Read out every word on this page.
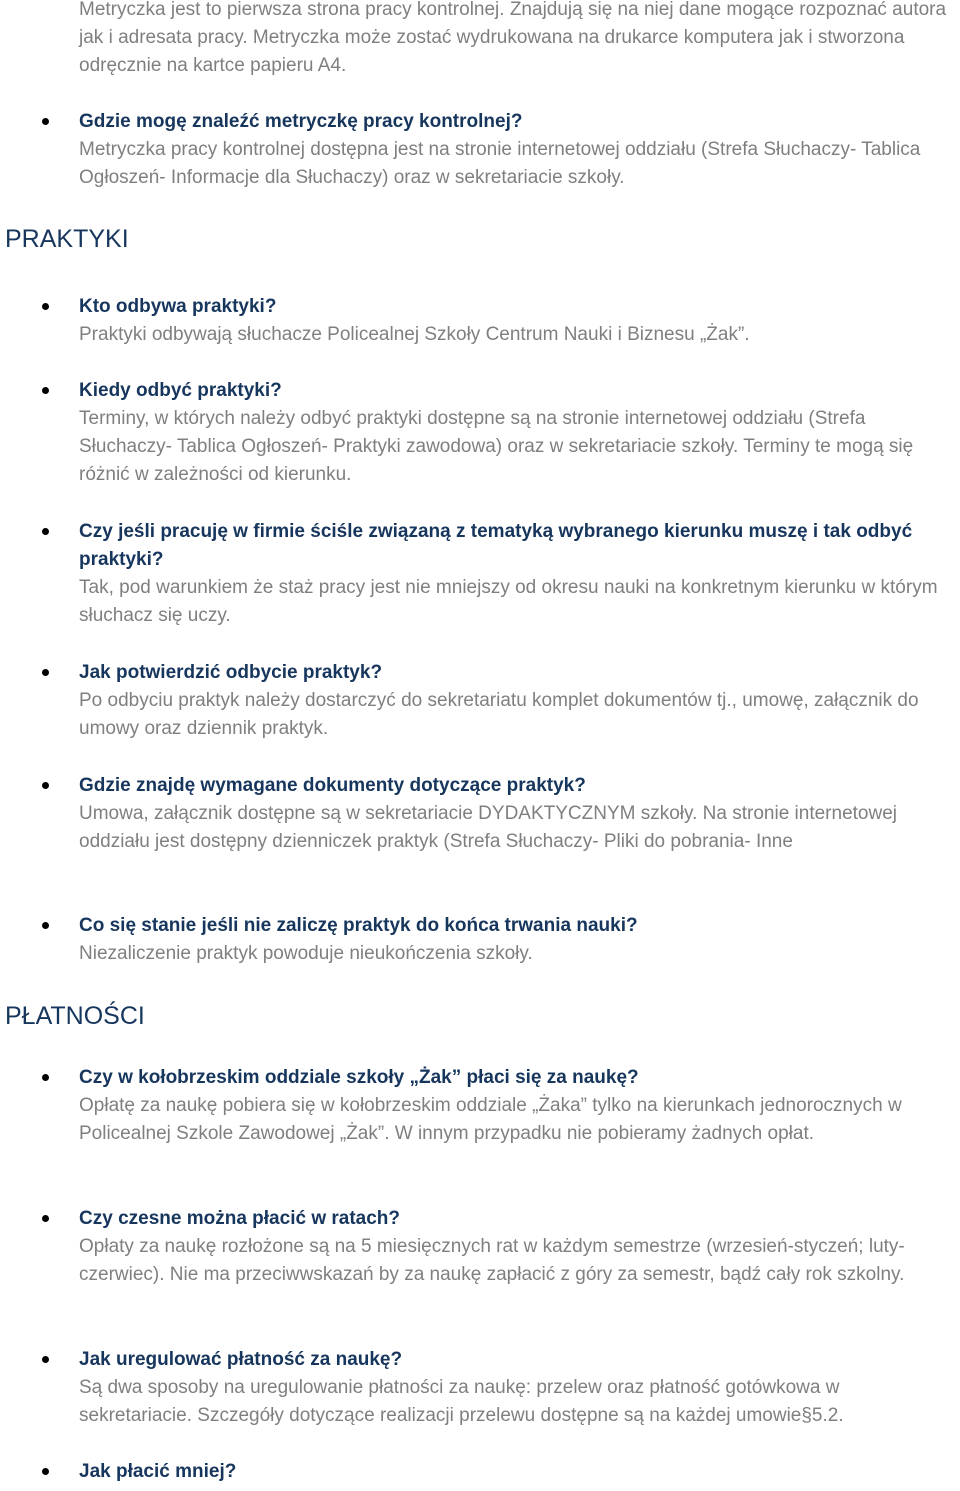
Metryczka jest to pierwsza strona pracy kontrolnej. Znajdują się na niej dane mogące rozpoznać autora jak i adresata pracy. Metryczka może zostać wydrukowana na drukarce komputera jak i stworzona odręcznie na kartce papieru A4.

Gdzie mogę znaleźć metryczkę pracy kontrolnej?

Metryczka pracy kontrolnej dostępna jest na stronie internetowej oddziału (Strefa Słuchaczy- Tablica Ogłoszeń- Informacje dla Słuchaczy) oraz w sekretariacie szkoły.

PRAKTYKI

Kto odbywa praktyki?

Praktyki odbywają słuchacze Policealnej Szkoły Centrum Nauki i Biznesu „Żak”.

Kiedy odbyć praktyki?

Terminy, w których należy odbyć praktyki dostępne są na stronie internetowej oddziału (Strefa Słuchaczy- Tablica Ogłoszeń- Praktyki zawodowa) oraz w sekretariacie szkoły. Terminy te mogą się różnić w zależności od kierunku.

Czy jeśli pracuję w firmie ściśle związaną z tematyką wybranego kierunku muszę i tak odbyć praktyki?

Tak, pod warunkiem że staż pracy jest nie mniejszy od okresu nauki na konkretnym kierunku w którym słuchacz się uczy.

Jak potwierdzić odbycie praktyk?

Po odbyciu praktyk należy dostarczyć do sekretariatu komplet dokumentów tj., umowę, załącznik do umowy oraz dziennik praktyk.

Gdzie znajdę wymagane dokumenty dotyczące praktyk?

Umowa, załącznik dostępne są w sekretariacie DYDAKTYCZNYM szkoły. Na stronie internetowej oddziału jest dostępny dzienniczek praktyk (Strefa Słuchaczy- Pliki do pobrania- Inne

Co się stanie jeśli nie zaliczę praktyk do końca trwania nauki?

Niezaliczenie praktyk powoduje nieukończenia szkoły.

PŁATNOŚCI

Czy w kołobrzeskim oddziale szkoły „Żak” płaci się za naukę?

Opłatę za naukę pobiera się w kołobrzeskim oddziale „Żaka” tylko na kierunkach jednorocznych w Policealnej Szkole Zawodowej „Żak”. W innym przypadku nie pobieramy żadnych opłat.

Czy czesne można płacić w ratach?

Opłaty za naukę rozłożone są na 5 miesięcznych rat w każdym semestrze (wrzesień-styczeń; luty-czerwiec). Nie ma przeciwwskazań by za naukę zapłacić z góry za semestr, bądź cały rok szkolny.

Jak uregulować płatność za naukę?

Są dwa sposoby na uregulowanie płatności za naukę: przelew oraz płatność gotówkowa w sekretariacie. Szczegóły dotyczące realizacji przelewu dostępne są na każdej umowie§5.2.

Jak płacić mniej?
